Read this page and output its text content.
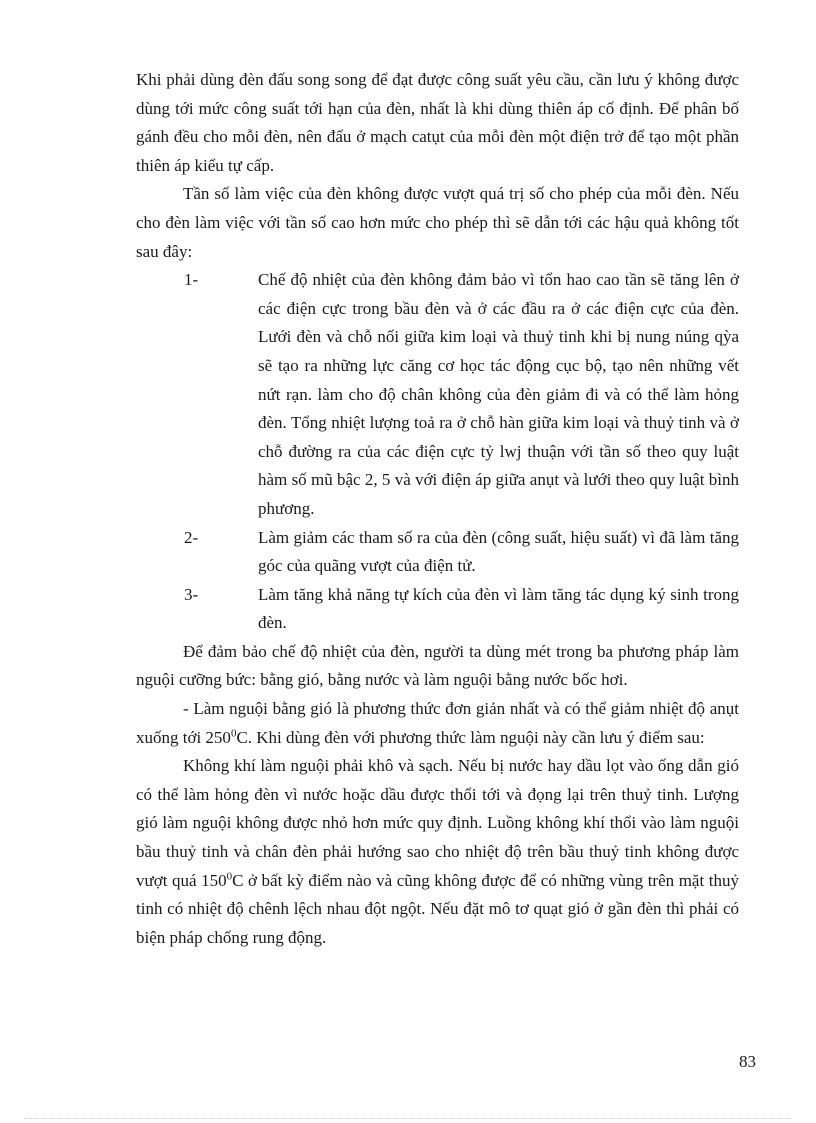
Khi phải dùng đèn đấu song song để đạt được công suất yêu cầu, cần lưu ý không được dùng tới mức công suất tới hạn của đèn, nhất là khi dùng thiên áp cố định. Để phân bố gánh đều cho mỗi đèn, nên đấu ở mạch catụt của mỗi đèn một điện trở để tạo một phần thiên áp kiểu tự cấp.

Tần số làm việc của đèn không được vượt quá trị số cho phép của mỗi đèn. Nếu cho đèn làm việc với tần số cao hơn mức cho phép thì sẽ dẫn tới các hậu quả không tốt sau đây:

1-	Chế độ nhiệt của đèn không đảm bảo vì tổn hao cao tần sẽ tăng lên ở các điện cực trong bầu đèn và ở các đầu ra ở các điện cực của đèn. Lưới đèn và chỗ nối giữa kim loại và thuỷ tinh khi bị nung núng qỳa sẽ tạo ra những lực căng cơ học tác động cục bộ, tạo nên những vết nứt rạn. làm cho độ chân không của đèn giảm đi và có thể làm hỏng đèn. Tổng nhiệt lượng toả ra ở chỗ hàn giữa kim loại và thuỷ tinh và ở chỗ đường ra của các điện cực tỷ lwj thuận với tần số theo quy luật hàm số mũ bậc 2, 5 và với điện áp giữa anụt và lưới theo quy luật bình phương.
2-	Làm giảm các tham số ra của đèn (công suất, hiệu suất) vì đã làm tăng góc của quãng vượt của điện tử.
3-	Làm tăng khả năng tự kích của đèn vì làm tăng tác dụng ký sinh trong đèn.

Để đảm bảo chế độ nhiệt của đèn, người ta dùng mét trong ba phương pháp làm nguội cưỡng bức: bằng gió, bằng nước và làm nguội bằng nước bốc hơi.

- Làm nguội bằng gió là phương thức đơn giản nhất và có thể giảm nhiệt độ anụt xuống tới $250^0C$. Khi dùng đèn với phương thức làm nguội này cần lưu ý điểm sau:

Không khí làm nguội phải khô và sạch. Nếu bị nước hay dầu lọt vào ống dẫn gió có thể làm hỏng đèn vì nước hoặc dầu được thổi tới và đọng lại trên thuỷ tinh. Lượng gió làm nguội không được nhỏ hơn mức quy định. Luồng không khí thổi vào làm nguội bầu thuỷ tinh và chân đèn phải hướng sao cho nhiệt độ trên bầu thuỷ tinh không được vượt quá $150^0C$ ở bất kỳ điểm nào và cũng không được để có những vùng trên mặt thuỷ tinh có nhiệt độ chênh lệch nhau đột ngột. Nếu đặt mô tơ quạt gió ở gần đèn thì phải có biện pháp chống rung động.

83
